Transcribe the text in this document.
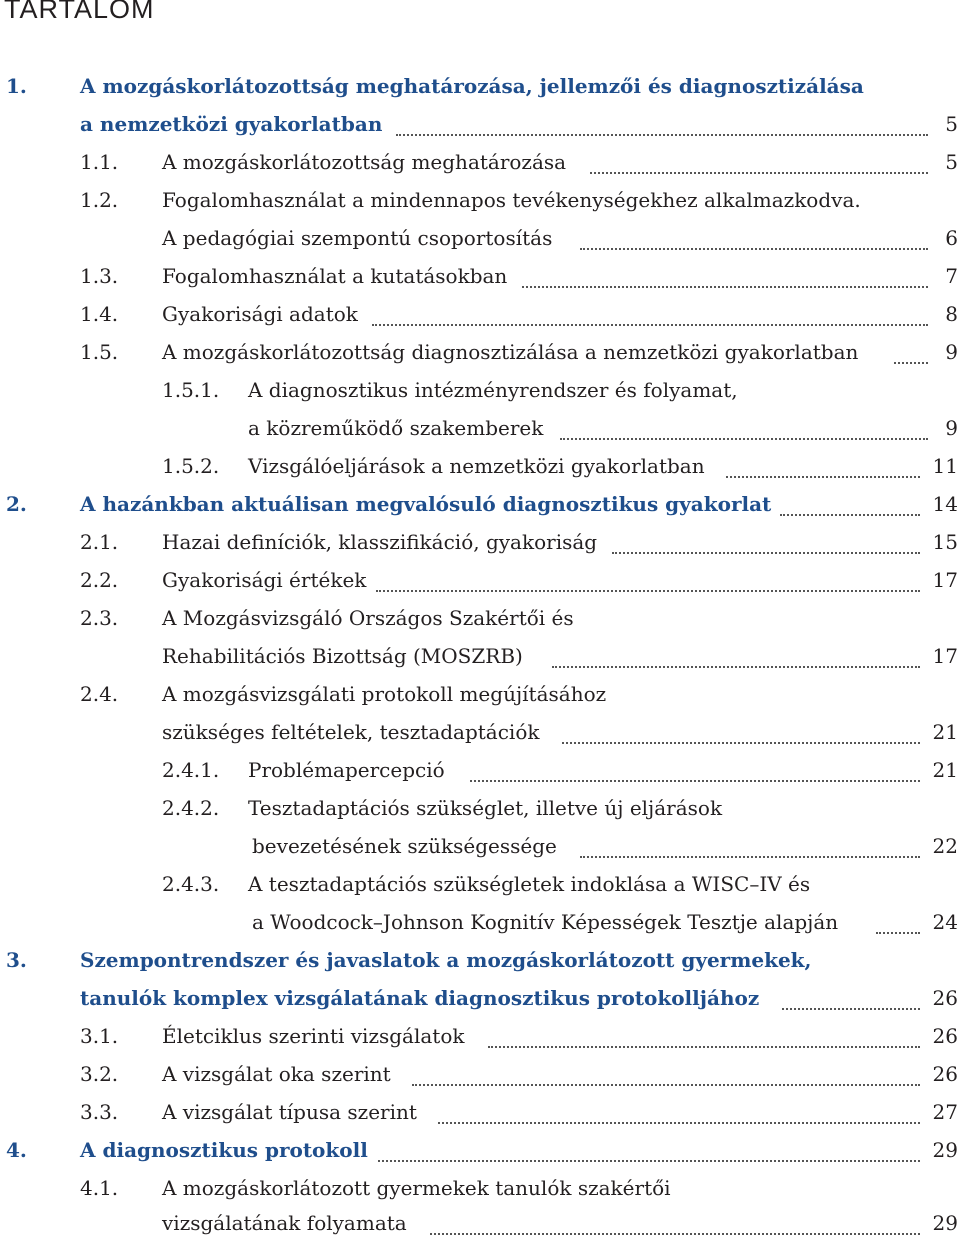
TARTALOM
1.	A mozgáskorlátozottság meghatározása, jellemzői és diagnosztizálása
a nemzetközi gyakorlatban	5
1.1. A mozgáskorlátozottság meghatározása	5
1.2. Fogalomhasználat a mindennapos tevékenységekhez alkalmazkodva.
A pedagógiai szempontú csoportosítás	6
1.3. Fogalomhasználat a kutatásokban	7
1.4. Gyakorisági adatok	8
1.5. A mozgáskorlátozottság diagnosztizálása a nemzetközi gyakorlatban	9
1.5.1. A diagnosztikus intézményrendszer és folyamat,
a közreműködő szakemberek	9
1.5.2. Vizsgálóeljárások a nemzetközi gyakorlatban	11
2.	A hazánkban aktuálisan megvalósuló diagnosztikus gyakorlat	14
2.1. Hazai definíciók, klasszifikáció, gyakoriság	15
2.2. Gyakorisági értékek	17
2.3. A Mozgásvizsgáló Országos Szakértői és
Rehabilitációs Bizottság (MOSZRB)	17
2.4. A mozgásvizsgálati protokoll megújításához
szükséges feltételek, tesztadaptációk	21
2.4.1. Problémapercepció	21
2.4.2. Tesztadaptációs szükséglet, illetve új eljárások
bevezetésének szükségessége	22
2.4.3. A tesztadaptációs szükségletek indoklása a WISC–IV és
a Woodcock–Johnson Kognitív Képességek Tesztje alapján	24
3.	Szempontrendszer és javaslatok a mozgáskorlátozott gyermekek,
tanulók komplex vizsgálatának diagnosztikus protokolljához	26
3.1. Életciklus szerinti vizsgálatok	26
3.2. A vizsgálat oka szerint	26
3.3. A vizsgálat típusa szerint	27
4.	A diagnosztikus protokoll	29
4.1. A mozgáskorlátozott gyermekek tanulók szakértői
vizsgálatának folyamata	29
